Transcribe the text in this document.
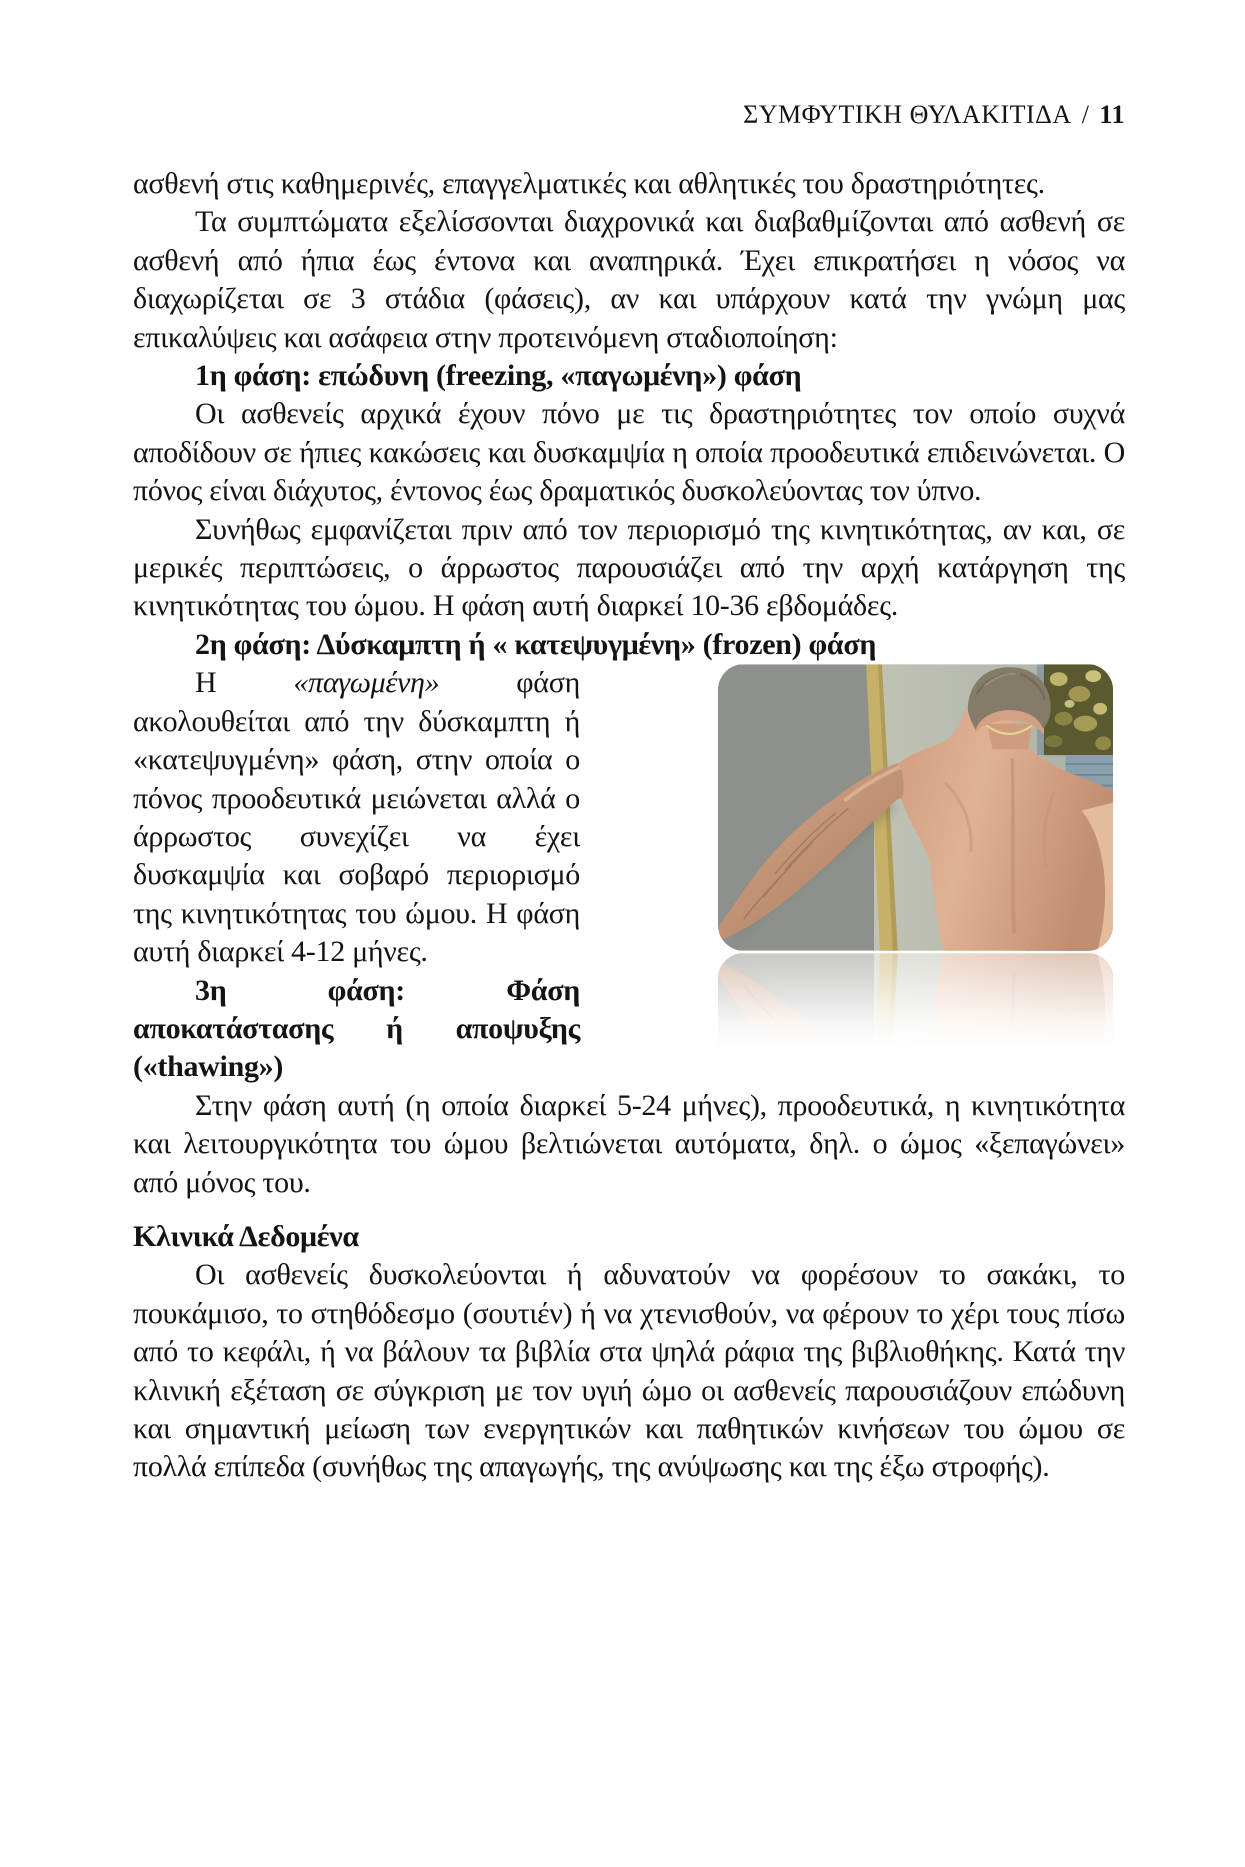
ΣΥΜΦΥΤΙΚΗ ΘΥΛΑΚΙΤΙΔΑ / 11

ασθενή στις καθημερινές, επαγγελματικές και αθλητικές του δραστηριότητες.

Τα συμπτώματα εξελίσσονται διαχρονικά και διαβαθμίζονται από ασθενή σε ασθενή από ήπια έως έντονα και αναπηρικά. Έχει επικρατήσει η νόσος να διαχωρίζεται σε 3 στάδια (φάσεις), αν και υπάρχουν κατά την γνώμη μας επικαλύψεις και ασάφεια στην προτεινόμενη σταδιοποίηση:

1η φάση: επώδυνη (freezing, «παγωμένη») φάση

Οι ασθενείς αρχικά έχουν πόνο με τις δραστηριότητες τον οποίο συχνά αποδίδουν σε ήπιες κακώσεις και δυσκαμψία η οποία προοδευτικά επιδεινώνεται. Ο πόνος είναι διάχυτος, έντονος έως δραματικός δυσκολεύοντας τον ύπνο.

Συνήθως εμφανίζεται πριν από τον περιορισμό της κινητικότητας, αν και, σε μερικές περιπτώσεις, ο άρρωστος παρουσιάζει από την αρχή κατάργηση της κινητικότητας του ώμου. Η φάση αυτή διαρκεί 10-36 εβδομάδες.

2η φάση: Δύσκαμπτη ή « κατεψυγμένη» (frozen) φάση

Η «παγωμένη» φάση ακολουθείται από την δύσκαμπτη ή «κατεψυγμένη» φάση, στην οποία ο πόνος προοδευτικά μειώνεται αλλά ο άρρωστος συνεχίζει να έχει δυσκαμψία και σοβαρό περιορισμό της κινητικότητας του ώμου. Η φάση αυτή διαρκεί 4-12 μήνες.

3η φάση: Φάση αποκατάστασης ή αποψυξης («thawing»)

Στην φάση αυτή (η οποία διαρκεί 5-24 μήνες), προοδευτικά, η κινητικότητα και λειτουργικότητα του ώμου βελτιώνεται αυτόματα, δηλ. ο ώμος «ξεπαγώνει» από μόνος του.

Κλινικά Δεδομένα

Οι ασθενείς δυσκολεύονται ή αδυνατούν να φορέσουν το σακάκι, το πουκάμισο, το στηθόδεσμο (σουτιέν) ή να χτενισθούν, να φέρουν το χέρι τους πίσω από το κεφάλι, ή να βάλουν τα βιβλία στα ψηλά ράφια της βιβλιοθήκης. Κατά την κλινική εξέταση σε σύγκριση με τον υγιή ώμο οι ασθενείς παρουσιάζουν επώδυνη και σημαντική μείωση των ενεργητικών και παθητικών κινήσεων του ώμου σε πολλά επίπεδα (συνήθως της απαγωγής, της ανύψωσης και της έξω στροφής).
